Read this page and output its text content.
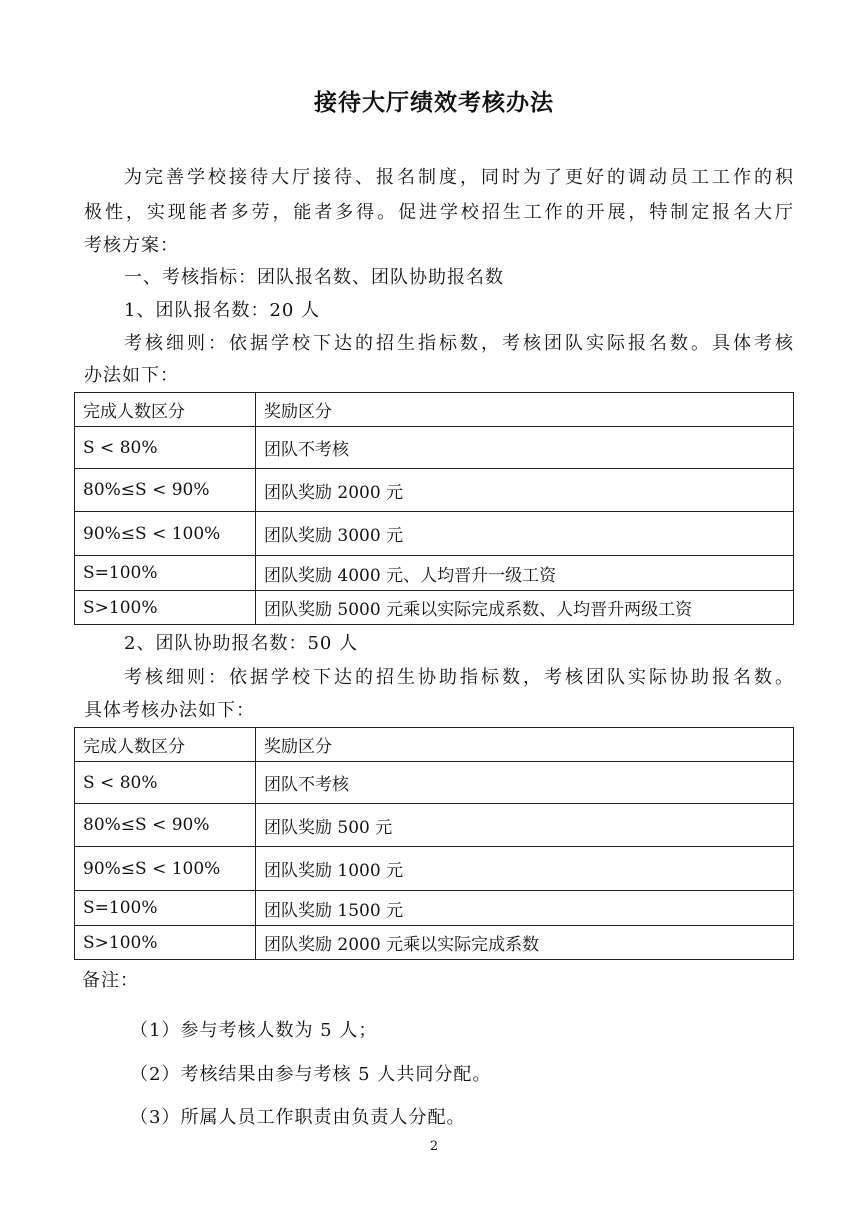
接待大厅绩效考核办法
为完善学校接待大厅接待、报名制度，同时为了更好的调动员工工作的积
极性，实现能者多劳，能者多得。促进学校招生工作的开展，特制定报名大厅
考核方案：
一、考核指标：团队报名数、团队协助报名数
1、团队报名数：20 人
考核细则：依据学校下达的招生指标数，考核团队实际报名数。具体考核
办法如下：
完成人数区分	奖励区分
S < 80%	团队不考核
80%≤S < 90%	团队奖励 2000 元
90%≤S < 100%	团队奖励 3000 元
S=100%	团队奖励 4000 元、人均晋升一级工资
S>100%	团队奖励 5000 元乘以实际完成系数、人均晋升两级工资
2、团队协助报名数：50 人
考核细则：依据学校下达的招生协助指标数，考核团队实际协助报名数。
具体考核办法如下：
完成人数区分	奖励区分
S < 80%	团队不考核
80%≤S < 90%	团队奖励 500 元
90%≤S < 100%	团队奖励 1000 元
S=100%	团队奖励 1500 元
S>100%	团队奖励 2000 元乘以实际完成系数
备注：
（1）参与考核人数为 5 人；
（2）考核结果由参与考核 5 人共同分配。
（3）所属人员工作职责由负责人分配。
2
